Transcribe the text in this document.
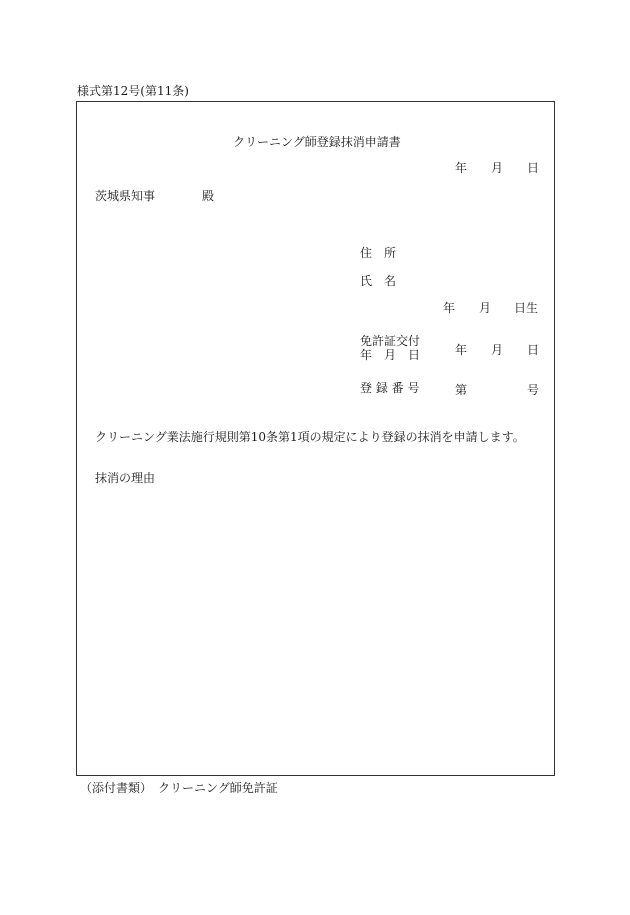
様式第12号(第11条)
クリーニング師登録抹消申請書
年 月 日
茨城県知事	殿
住　所
氏　名
年 月 日生
免許証交付
年　月　日	年 月 日
登 録 番 号	第	号
クリーニング業法施行規則第10条第1項の規定により登録の抹消を申請します。
抹消の理由
（添付書類）　クリーニング師免許証
